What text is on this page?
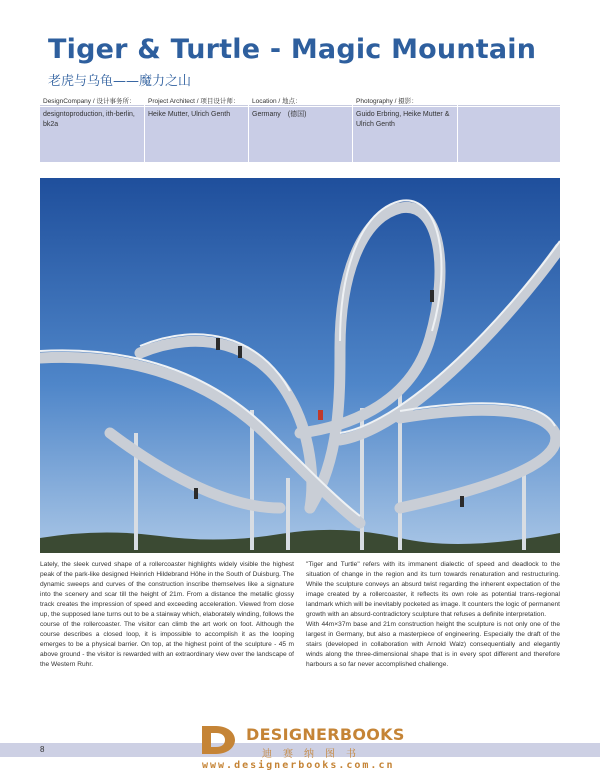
Tiger & Turtle - Magic Mountain
老虎与乌龟——魔力之山
DesignCompany / 设计事务所：
designtoproduction, ith-berlin, bk2a
Project Architect / 项目设计师：
Heike Mutter, Ulrich Genth
Location / 地点：
Germany　(德国)
Photography / 摄影：
Guido Erbring, Heike Mutter & Ulrich Genth

Lately, the sleek curved shape of a rollercoaster highlights widely visible the highest peak of the park-like designed Heinrich Hildebrand Höhe in the South of Duisburg. The dynamic sweeps and curves of the construction inscribe themselves like a signature into the scenery and scar till the height of 21m. From a distance the metallic glossy track creates the impression of speed and exceeding acceleration. Viewed from close up, the supposed lane turns out to be a stairway which, elaborately winding, follows the course of the rollercoaster. The visitor can climb the art work on foot. Although the course describes a closed loop, it is impossible to accomplish it as the looping emerges to be a physical barrier. On top, at the highest point of the sculpture - 45 m above ground - the visitor is rewarded with an extraordinary view over the landscape of the Western Ruhr.

"Tiger and Turtle" refers with its immanent dialectic of speed and deadlock to the situation of change in the region and its turn towards renaturation and restructuring. While the sculpture conveys an absurd twist regarding the inherent expectation of the image created by a rollercoaster, it reflects its own role as potential trans-regional landmark which will be inevitably pocketed as image. It counters the logic of permanent growth with an absurd-contradictory sculpture that refuses a definite interpretation.

With 44m×37m base and 21m construction height the sculpture is not only one of the largest in Germany, but also a masterpiece of engineering. Especially the draft of the stairs (developed in collaboration with Arnold Walz) consequentially and elegantly winds along the three-dimensional shape that is in every spot different and therefore harbours a so far never accomplished challenge.

8
DESIGNERBOOKS
迪赛纳图书
www.designerbooks.com.cn
